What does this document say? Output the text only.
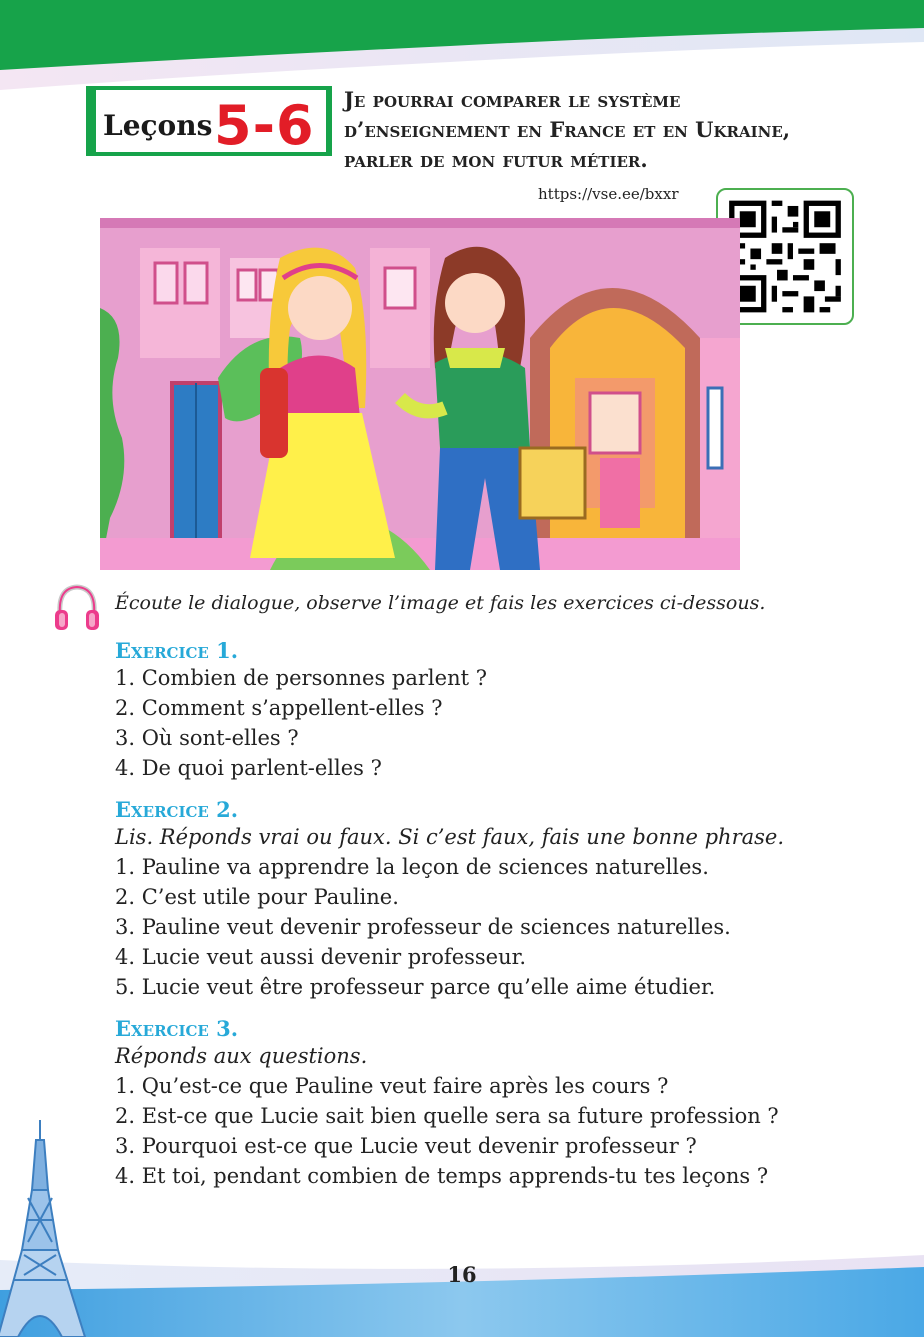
Leçons 5-6 Je pourrai comparer le système
d’enseignement en France et en Ukraine,
parler de mon futur métier.
https://vse.ee/bxxr
Écoute le dialogue, observe l’image et fais les exercices ci-dessous.
Exercice 1.
1. Combien de personnes parlent ?
2. Comment s’appellent-elles ?
3. Où sont-elles ?
4. De quoi parlent-elles ?
Exercice 2.
Lis. Réponds vrai ou faux. Si c’est faux, fais une bonne phrase.
1. Pauline va apprendre la leçon de sciences naturelles.
2. C’est utile pour Pauline.
3. Pauline veut devenir professeur de sciences naturelles.
4. Lucie veut aussi devenir professeur.
5. Lucie veut être professeur parce qu’elle aime étudier.
Exercice 3.
Réponds aux questions.
1. Qu’est-ce que Pauline veut faire après les cours ?
2. Est-ce que Lucie sait bien quelle sera sa future profession ?
3. Pourquoi est-ce que Lucie veut devenir professeur ?
4. Et toi, pendant combien de temps apprends-tu tes leçons ?
16
